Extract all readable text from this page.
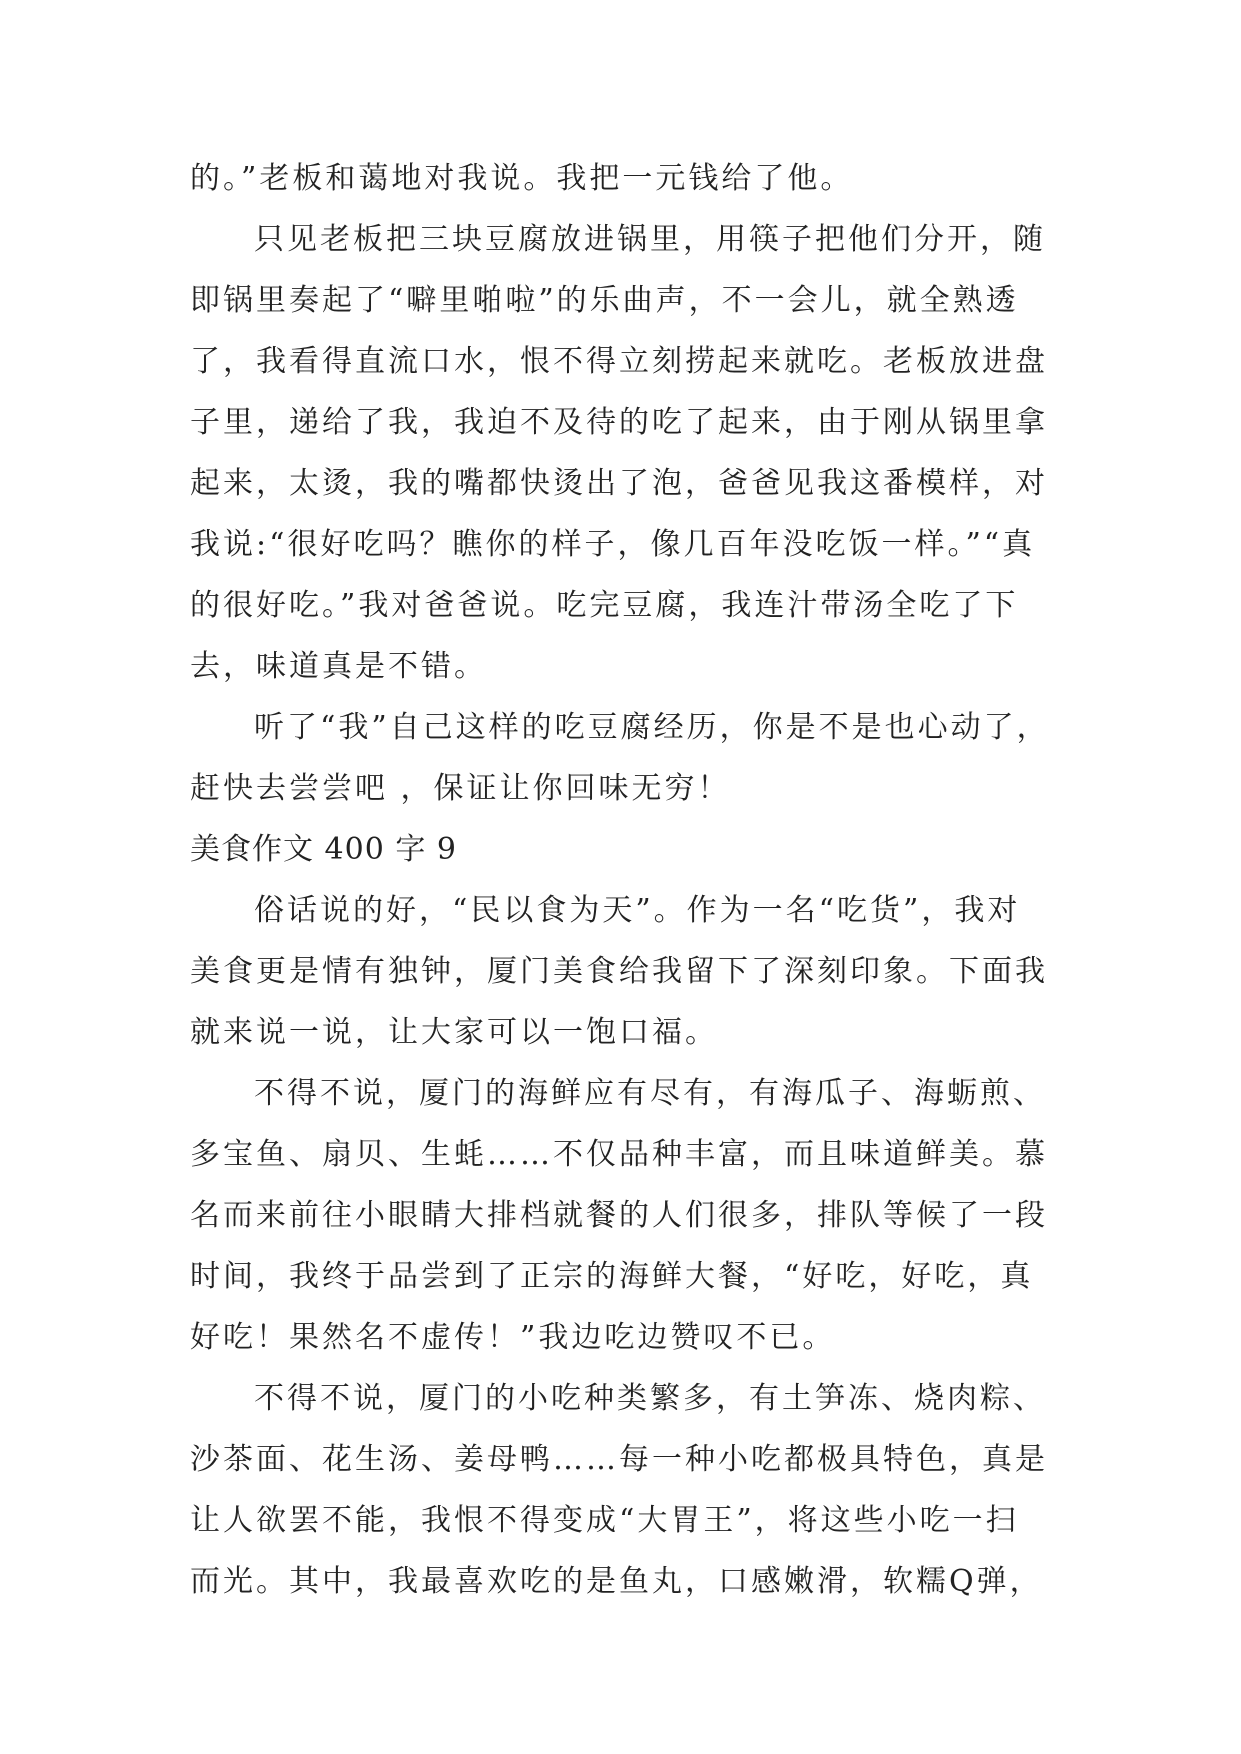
的。”老板和蔼地对我说。我把一元钱给了他。
只见老板把三块豆腐放进锅里，用筷子把他们分开，随
即锅里奏起了“噼里啪啦”的乐曲声，不一会儿，就全熟透
了，我看得直流口水，恨不得立刻捞起来就吃。老板放进盘
子里，递给了我，我迫不及待的吃了起来，由于刚从锅里拿
起来，太烫，我的嘴都快烫出了泡，爸爸见我这番模样，对
我说:“很好吃吗？瞧你的样子，像几百年没吃饭一样。”“真
的很好吃。”我对爸爸说。吃完豆腐，我连汁带汤全吃了下
去，味道真是不错。
听了“我”自己这样的吃豆腐经历，你是不是也心动了，
赶快去尝尝吧 ，保证让你回味无穷！
美食作文 400 字 9
俗话说的好，“民以食为天”。作为一名“吃货”，我对
美食更是情有独钟，厦门美食给我留下了深刻印象。下面我
就来说一说，让大家可以一饱口福。
不得不说，厦门的海鲜应有尽有，有海瓜子、海蛎煎、
多宝鱼、扇贝、生蚝……不仅品种丰富，而且味道鲜美。慕
名而来前往小眼睛大排档就餐的人们很多，排队等候了一段
时间，我终于品尝到了正宗的海鲜大餐，“好吃，好吃，真
好吃！果然名不虚传！”我边吃边赞叹不已。
不得不说，厦门的小吃种类繁多，有土笋冻、烧肉粽、
沙茶面、花生汤、姜母鸭……每一种小吃都极具特色，真是
让人欲罢不能，我恨不得变成“大胃王”，将这些小吃一扫
而光。其中，我最喜欢吃的是鱼丸，口感嫩滑，软糯Q弹，
